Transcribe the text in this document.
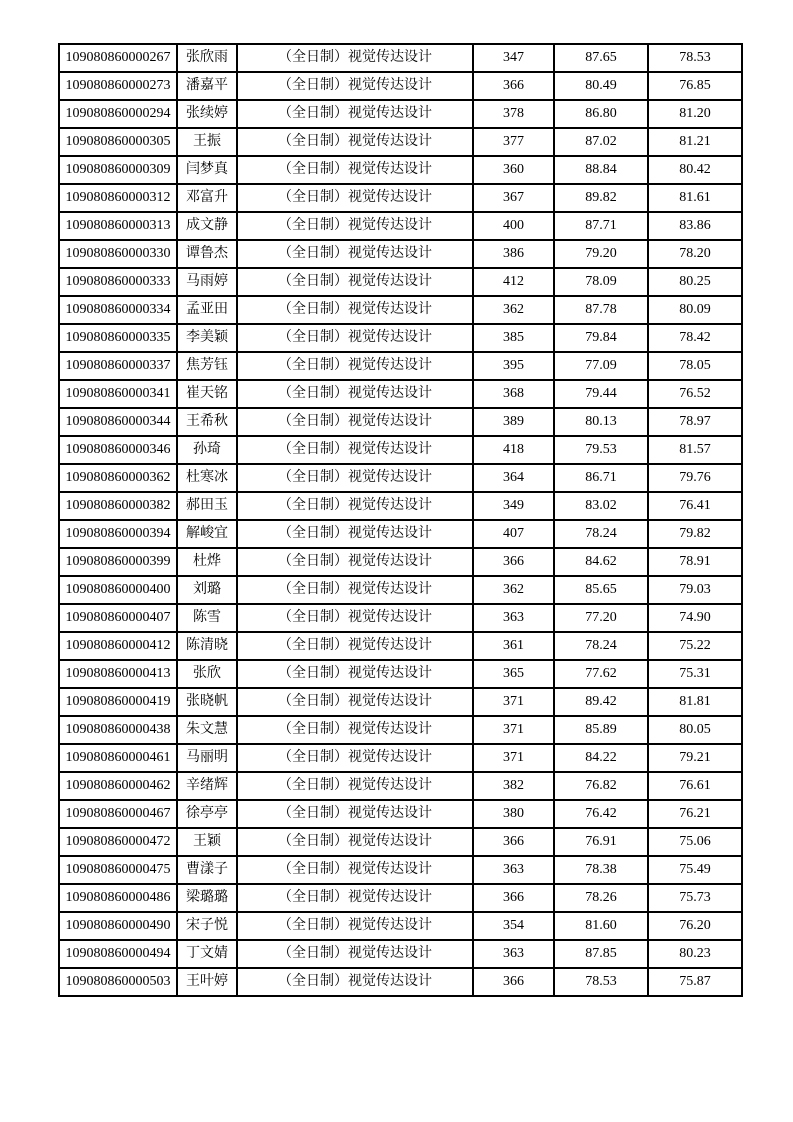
109080860000267	张欣雨	（全日制）视觉传达设计	347	87.65	78.53
109080860000273	潘嘉平	（全日制）视觉传达设计	366	80.49	76.85
109080860000294	张续婷	（全日制）视觉传达设计	378	86.80	81.20
109080860000305	王振	（全日制）视觉传达设计	377	87.02	81.21
109080860000309	闫梦真	（全日制）视觉传达设计	360	88.84	80.42
109080860000312	邓富升	（全日制）视觉传达设计	367	89.82	81.61
109080860000313	成文静	（全日制）视觉传达设计	400	87.71	83.86
109080860000330	谭鲁杰	（全日制）视觉传达设计	386	79.20	78.20
109080860000333	马雨婷	（全日制）视觉传达设计	412	78.09	80.25
109080860000334	孟亚田	（全日制）视觉传达设计	362	87.78	80.09
109080860000335	李美颖	（全日制）视觉传达设计	385	79.84	78.42
109080860000337	焦芳钰	（全日制）视觉传达设计	395	77.09	78.05
109080860000341	崔天铭	（全日制）视觉传达设计	368	79.44	76.52
109080860000344	王希秋	（全日制）视觉传达设计	389	80.13	78.97
109080860000346	孙琦	（全日制）视觉传达设计	418	79.53	81.57
109080860000362	杜寒冰	（全日制）视觉传达设计	364	86.71	79.76
109080860000382	郝田玉	（全日制）视觉传达设计	349	83.02	76.41
109080860000394	解峻宜	（全日制）视觉传达设计	407	78.24	79.82
109080860000399	杜烨	（全日制）视觉传达设计	366	84.62	78.91
109080860000400	刘璐	（全日制）视觉传达设计	362	85.65	79.03
109080860000407	陈雪	（全日制）视觉传达设计	363	77.20	74.90
109080860000412	陈清晓	（全日制）视觉传达设计	361	78.24	75.22
109080860000413	张欣	（全日制）视觉传达设计	365	77.62	75.31
109080860000419	张晓帆	（全日制）视觉传达设计	371	89.42	81.81
109080860000438	朱文慧	（全日制）视觉传达设计	371	85.89	80.05
109080860000461	马丽明	（全日制）视觉传达设计	371	84.22	79.21
109080860000462	辛绪辉	（全日制）视觉传达设计	382	76.82	76.61
109080860000467	徐亭亭	（全日制）视觉传达设计	380	76.42	76.21
109080860000472	王颖	（全日制）视觉传达设计	366	76.91	75.06
109080860000475	曹漾子	（全日制）视觉传达设计	363	78.38	75.49
109080860000486	梁璐璐	（全日制）视觉传达设计	366	78.26	75.73
109080860000490	宋子悦	（全日制）视觉传达设计	354	81.60	76.20
109080860000494	丁文婧	（全日制）视觉传达设计	363	87.85	80.23
109080860000503	王叶婷	（全日制）视觉传达设计	366	78.53	75.87
